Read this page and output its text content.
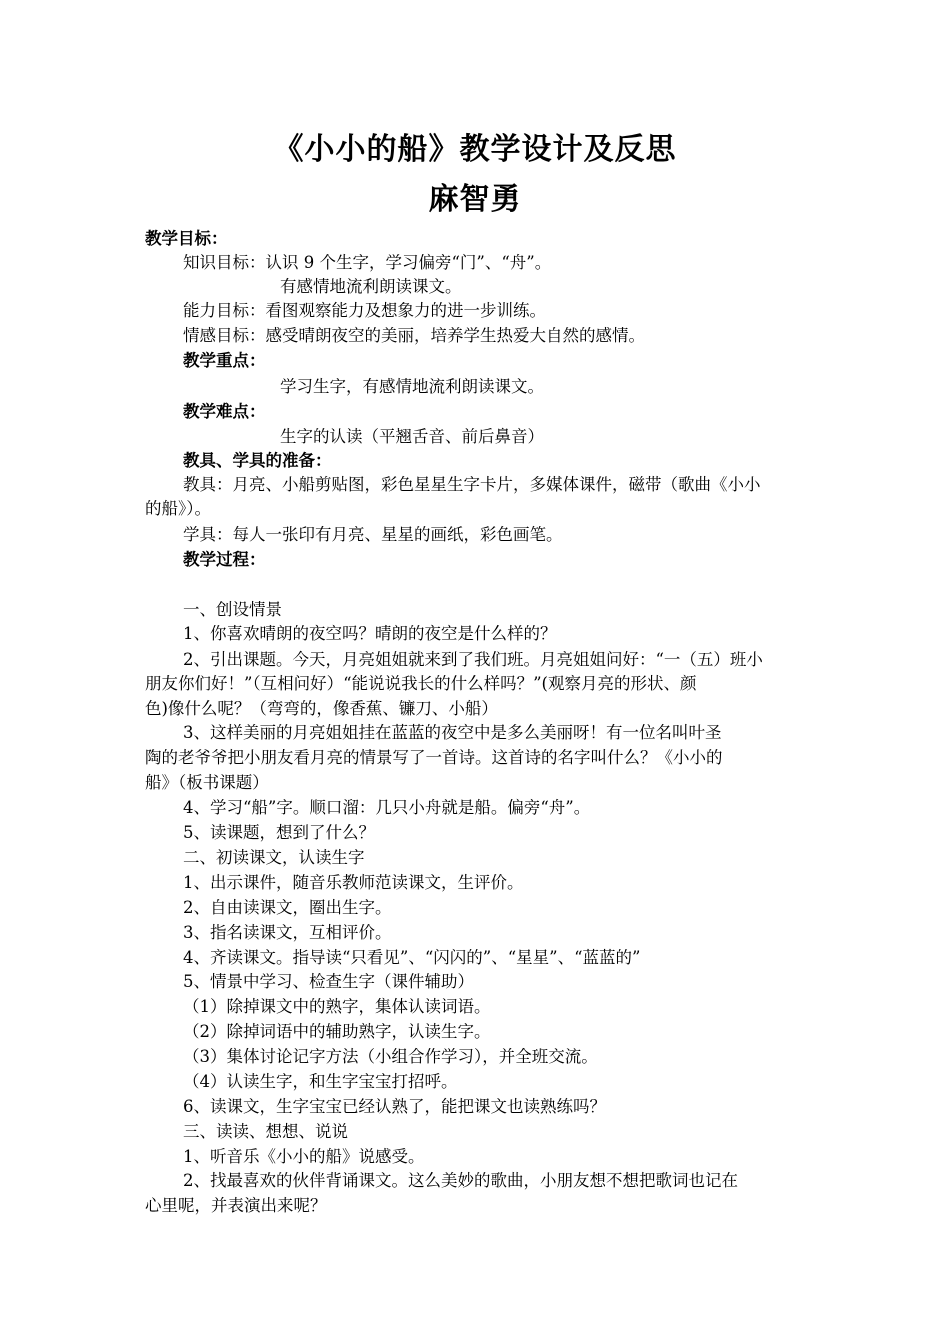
《小小的船》教学设计及反思
麻智勇
教学目标：
知识目标：认识 9 个生字，学习偏旁“门”、“舟”。
有感情地流利朗读课文。
能力目标：看图观察能力及想象力的进一步训练。
情感目标：感受晴朗夜空的美丽，培养学生热爱大自然的感情。
教学重点：
学习生字，有感情地流利朗读课文。
教学难点：
生字的认读（平翘舌音、前后鼻音）
教具、学具的准备：
教具：月亮、小船剪贴图，彩色星星生字卡片，多媒体课件，磁带（歌曲《小小
的船》）。
学具：每人一张印有月亮、星星的画纸，彩色画笔。
教学过程：
一、创设情景
1、你喜欢晴朗的夜空吗？晴朗的夜空是什么样的？
2、引出课题。今天，月亮姐姐就来到了我们班。月亮姐姐问好：“一（五）班小
朋友你们好！”（互相问好）“能说说我长的什么样吗？”(观察月亮的形状、颜
色)像什么呢？（弯弯的，像香蕉、镰刀、小船）
3、这样美丽的月亮姐姐挂在蓝蓝的夜空中是多么美丽呀！有一位名叫叶圣
陶的老爷爷把小朋友看月亮的情景写了一首诗。这首诗的名字叫什么？《小小的
船》（板书课题）
4、学习“船”字。顺口溜：几只小舟就是船。偏旁“舟”。
5、读课题，想到了什么？
二、初读课文，认读生字
1、出示课件，随音乐教师范读课文，生评价。
2、自由读课文，圈出生字。
3、指名读课文，互相评价。
4、齐读课文。指导读“只看见”、“闪闪的”、“星星”、“蓝蓝的”
5、情景中学习、检查生字（课件辅助）
（1）除掉课文中的熟字，集体认读词语。
（2）除掉词语中的辅助熟字，认读生字。
（3）集体讨论记字方法（小组合作学习），并全班交流。
（4）认读生字，和生字宝宝打招呼。
6、读课文，生字宝宝已经认熟了，能把课文也读熟练吗？
三、读读、想想、说说
1、听音乐《小小的船》说感受。
2、找最喜欢的伙伴背诵课文。这么美妙的歌曲，小朋友想不想把歌词也记在
心里呢，并表演出来呢？
